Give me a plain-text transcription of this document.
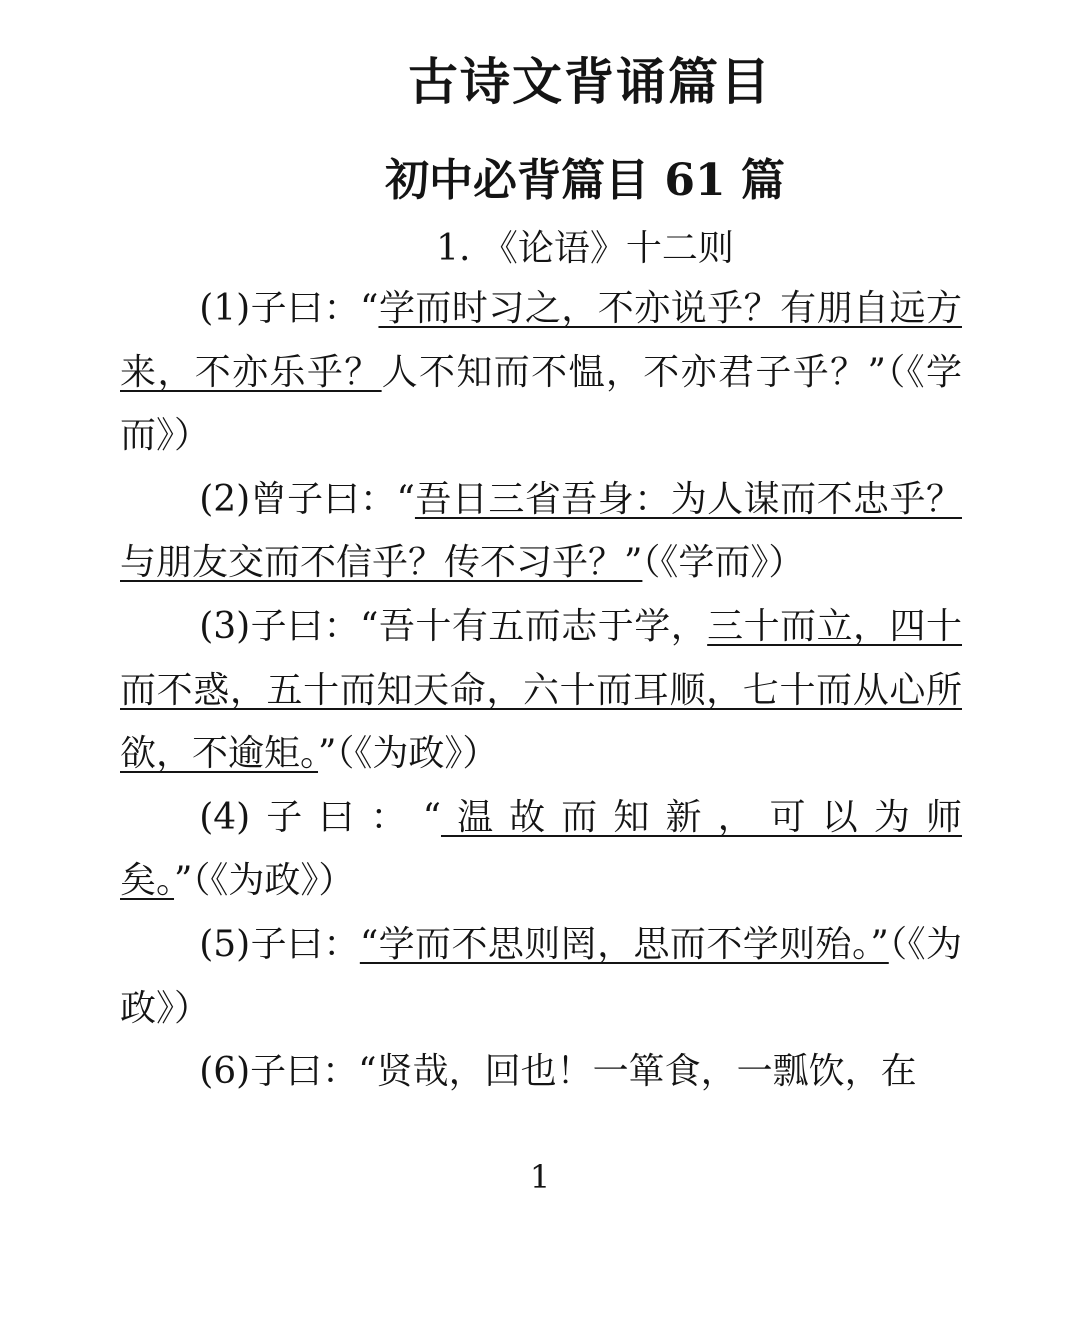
古诗文背诵篇目
初中必背篇目 61 篇
1. 《论语》十二则

(1)子曰：“学而时习之，不亦说乎？有朋自远方来，不亦乐乎？人不知而不愠，不亦君子乎？”（《学而》）

(2)曾子曰：“吾日三省吾身：为人谋而不忠乎？与朋友交而不信乎？传不习乎？”（《学而》）

(3)子曰：“吾十有五而志于学，三十而立，四十而不惑，五十而知天命，六十而耳顺，七十而从心所欲，不逾矩。”（《为政》）

(4)子曰：“温故而知新，可以为师矣。”（《为政》）

(5)子曰：“学而不思则罔，思而不学则殆。”（《为政》）

(6)子曰：“贤哉，回也！一箪食，一瓢饮，在

1
